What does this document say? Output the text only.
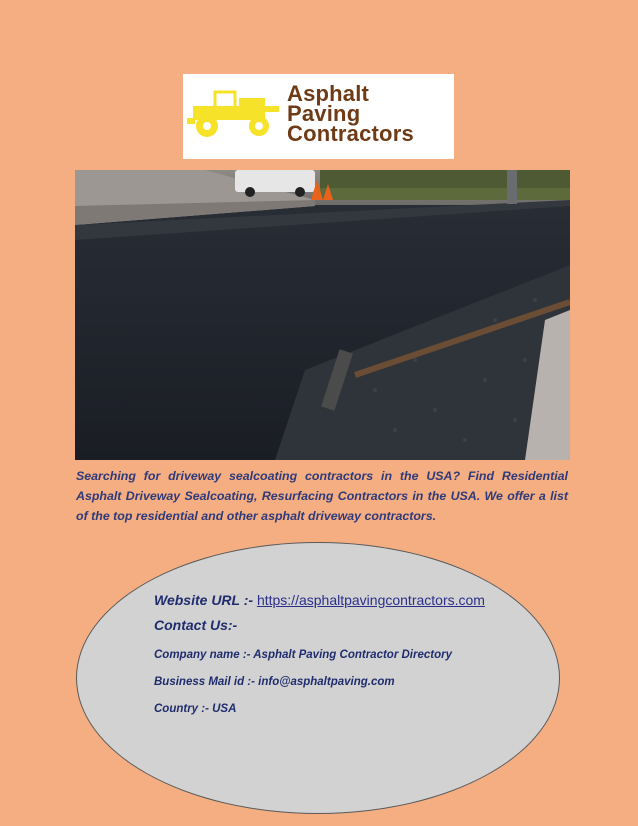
Asphalt
Paving
Contractors

Searching for driveway sealcoating contractors in the USA? Find Residential Asphalt Driveway Sealcoating, Resurfacing Contractors in the USA. We offer a list of the top residential and other asphalt driveway contractors.

Website URL :- https://asphaltpavingcontractors.com
Contact Us:-
Company name :- Asphalt Paving Contractor Directory
Business Mail id :- info@asphaltpaving.com
Country :- USA
